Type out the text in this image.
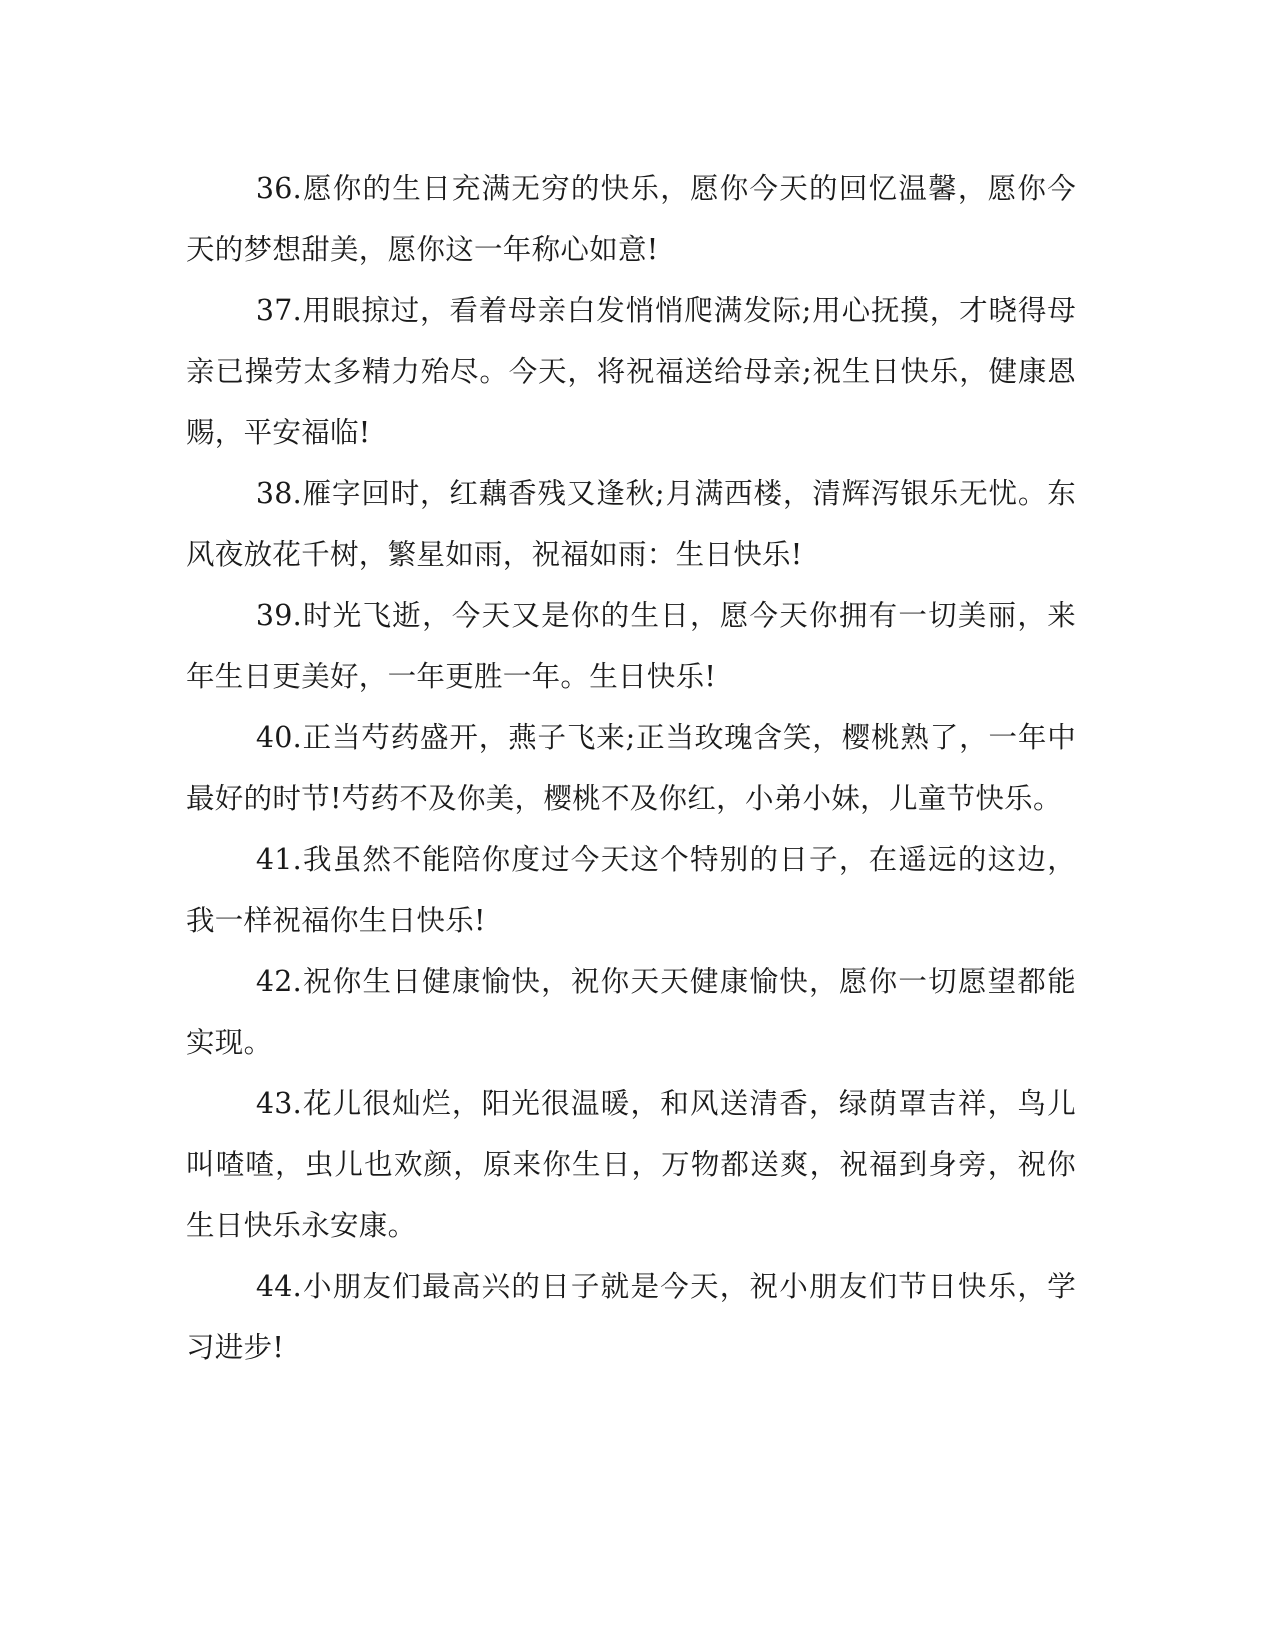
36.愿你的生日充满无穷的快乐，愿你今天的回忆温馨，愿你今天的梦想甜美，愿你这一年称心如意!

37.用眼掠过，看着母亲白发悄悄爬满发际;用心抚摸，才晓得母亲已操劳太多精力殆尽。今天，将祝福送给母亲;祝生日快乐，健康恩赐，平安福临!

38.雁字回时，红藕香残又逢秋;月满西楼，清辉泻银乐无忧。东风夜放花千树，繁星如雨，祝福如雨：生日快乐!

39.时光飞逝，今天又是你的生日，愿今天你拥有一切美丽，来年生日更美好，一年更胜一年。生日快乐!

40.正当芍药盛开，燕子飞来;正当玫瑰含笑，樱桃熟了，一年中最好的时节!芍药不及你美，樱桃不及你红，小弟小妹，儿童节快乐。

41.我虽然不能陪你度过今天这个特别的日子，在遥远的这边，我一样祝福你生日快乐!

42.祝你生日健康愉快，祝你天天健康愉快，愿你一切愿望都能实现。

43.花儿很灿烂，阳光很温暖，和风送清香，绿荫罩吉祥，鸟儿叫喳喳，虫儿也欢颜，原来你生日，万物都送爽，祝福到身旁，祝你生日快乐永安康。

44.小朋友们最高兴的日子就是今天，祝小朋友们节日快乐，学习进步!
